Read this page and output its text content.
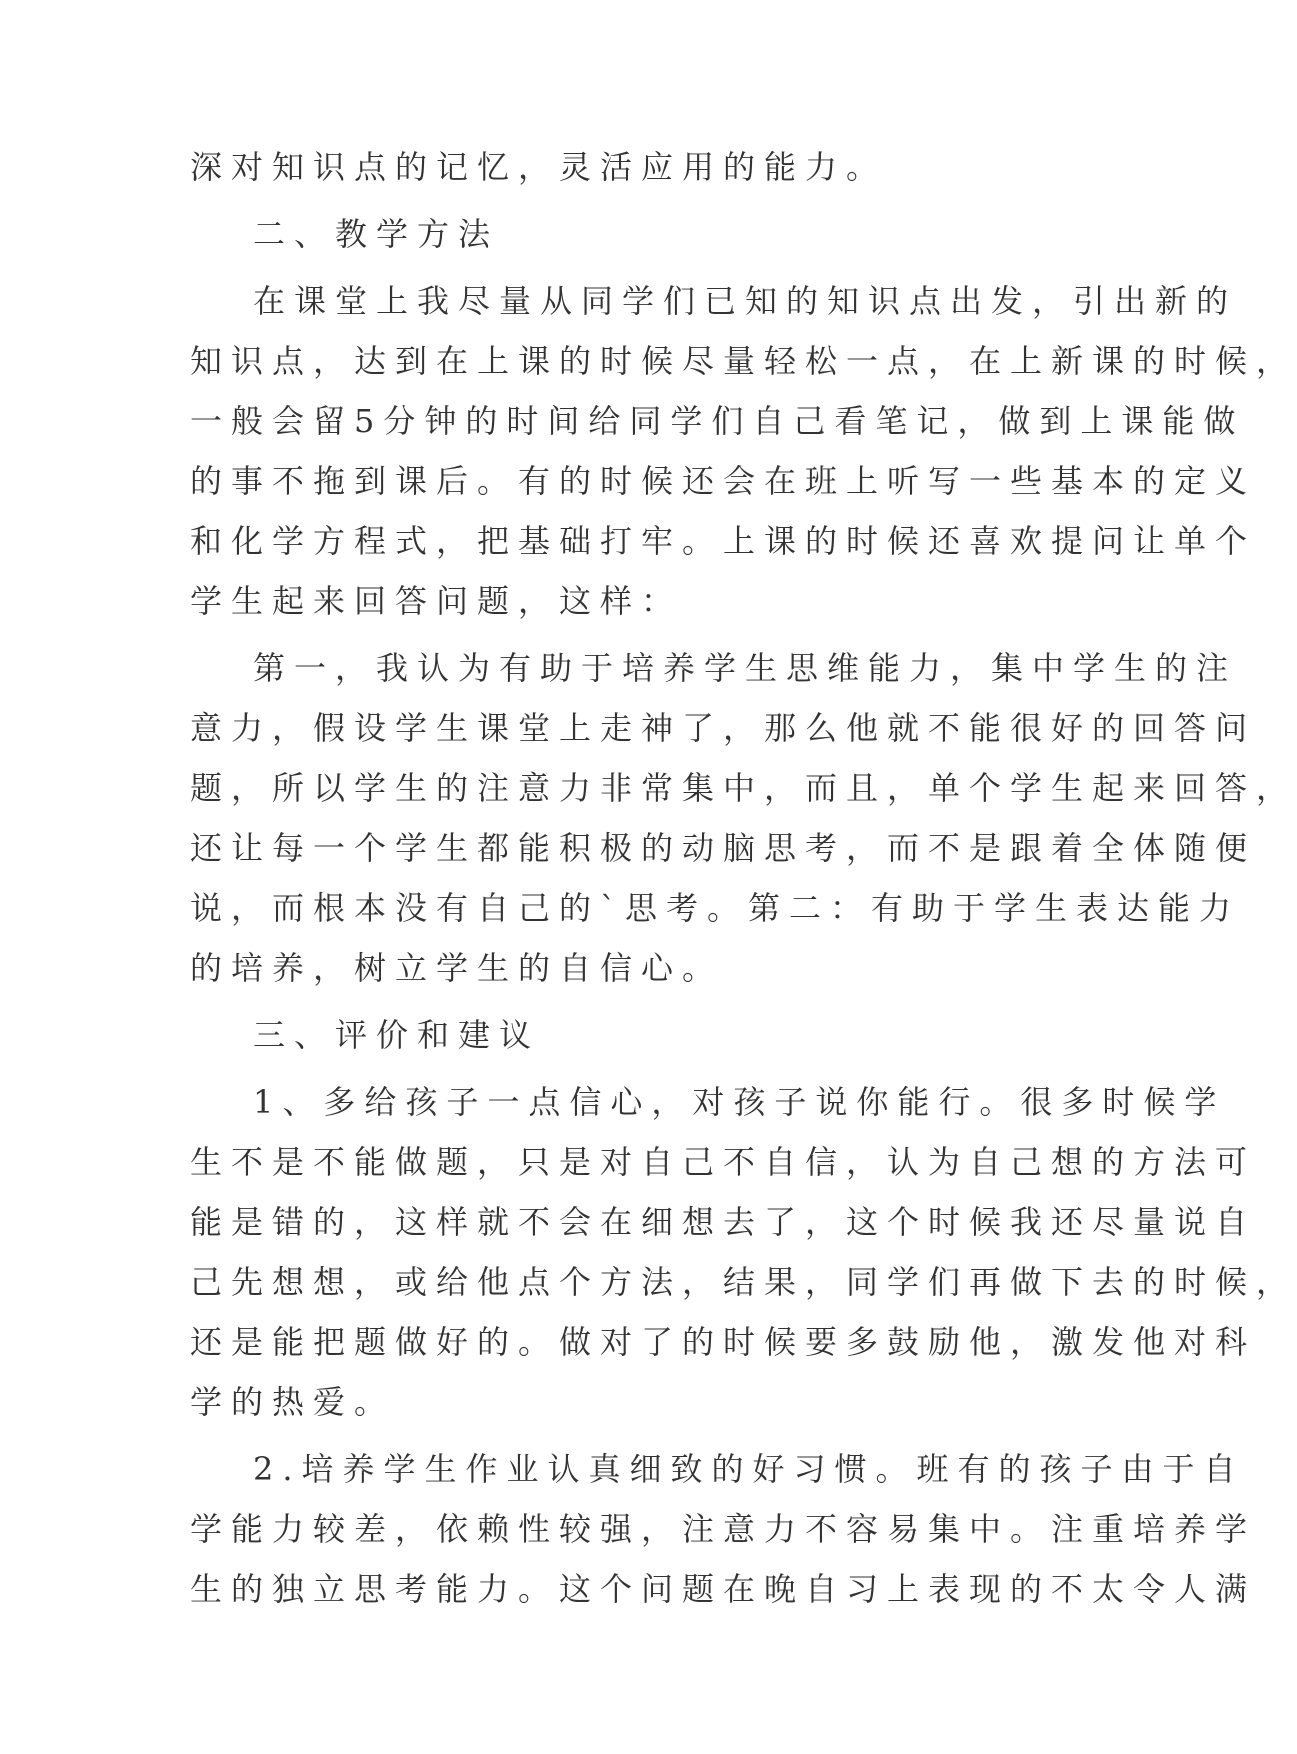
深对知识点的记忆，灵活应用的能力。
二、教学方法
在课堂上我尽量从同学们已知的知识点出发，引出新的
知识点，达到在上课的时候尽量轻松一点，在上新课的时候，
一般会留5分钟的时间给同学们自己看笔记，做到上课能做
的事不拖到课后。有的时候还会在班上听写一些基本的定义
和化学方程式，把基础打牢。上课的时候还喜欢提问让单个
学生起来回答问题，这样：
第一，我认为有助于培养学生思维能力，集中学生的注
意力，假设学生课堂上走神了，那么他就不能很好的回答问
题，所以学生的注意力非常集中，而且，单个学生起来回答，
还让每一个学生都能积极的动脑思考，而不是跟着全体随便
说，而根本没有自己的`思考。第二：有助于学生表达能力
的培养，树立学生的自信心。
三、评价和建议
1、多给孩子一点信心，对孩子说你能行。很多时候学
生不是不能做题，只是对自己不自信，认为自己想的方法可
能是错的，这样就不会在细想去了，这个时候我还尽量说自
己先想想，或给他点个方法，结果，同学们再做下去的时候，
还是能把题做好的。做对了的时候要多鼓励他，激发他对科
学的热爱。
2.培养学生作业认真细致的好习惯。班有的孩子由于自
学能力较差，依赖性较强，注意力不容易集中。注重培养学
生的独立思考能力。这个问题在晚自习上表现的不太令人满
